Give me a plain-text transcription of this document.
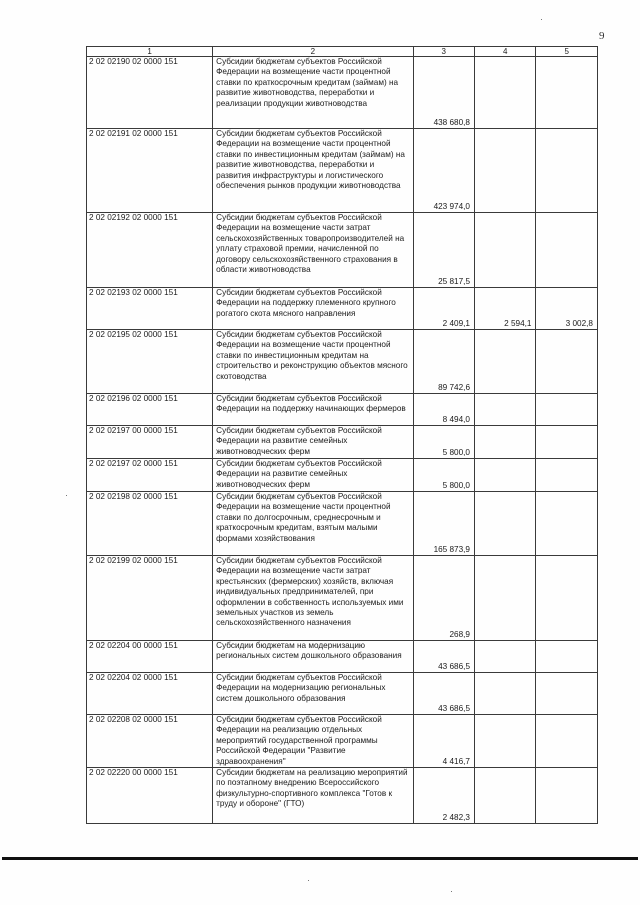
9
1	2	3	4	5
2 02 02190 02 0000 151	Субсидии бюджетам субъектов Российской Федерации на возмещение части процентной ставки по краткосрочным кредитам (займам) на развитие животноводства, переработки и реализации продукции животноводства	438 680,8		
2 02 02191 02 0000 151	Субсидии бюджетам субъектов Российской Федерации на возмещение части процентной ставки по инвестиционным кредитам (займам) на развитие животноводства, переработки и развития инфраструктуры и логистического обеспечения рынков продукции животноводства	423 974,0		
2 02 02192 02 0000 151	Субсидии бюджетам субъектов Российской Федерации на возмещение части затрат сельскохозяйственных товаропроизводителей на уплату страховой премии, начисленной по договору сельскохозяйственного страхования в области животноводства	25 817,5		
2 02 02193 02 0000 151	Субсидии бюджетам субъектов Российской Федерации на поддержку племенного крупного рогатого скота мясного направления	2 409,1	2 594,1	3 002,8
2 02 02195 02 0000 151	Субсидии бюджетам субъектов Российской Федерации на возмещение части процентной ставки по инвестиционным кредитам на строительство и реконструкцию объектов мясного скотоводства	89 742,6		
2 02 02196 02 0000 151	Субсидии бюджетам субъектов Российской Федерации на поддержку начинающих фермеров	8 494,0		
2 02 02197 00 0000 151	Субсидии бюджетам субъектов Российской Федерации на развитие семейных животноводческих ферм	5 800,0		
2 02 02197 02 0000 151	Субсидии бюджетам субъектов Российской Федерации на развитие семейных животноводческих ферм	5 800,0		
2 02 02198 02 0000 151	Субсидии бюджетам субъектов Российской Федерации на возмещение части процентной ставки по долгосрочным, среднесрочным и краткосрочным кредитам, взятым малыми формами хозяйствования	165 873,9		
2 02 02199 02 0000 151	Субсидии бюджетам субъектов Российской Федерации на возмещение части затрат крестьянских (фермерских) хозяйств, включая индивидуальных предпринимателей, при оформлении в собственность используемых ими земельных участков из земель сельскохозяйственного назначения	268,9		
2 02 02204 00 0000 151	Субсидии бюджетам на модернизацию региональных систем дошкольного образования	43 686,5		
2 02 02204 02 0000 151	Субсидии бюджетам субъектов Российской Федерации на модернизацию региональных систем дошкольного образования	43 686,5		
2 02 02208 02 0000 151	Субсидии бюджетам субъектов Российской Федерации на реализацию отдельных мероприятий государственной программы Российской Федерации "Развитие здравоохранения"	4 416,7		
2 02 02220 00 0000 151	Субсидии бюджетам на реализацию мероприятий по поэтапному внедрению Всероссийского физкультурно-спортивного комплекса "Готов к труду и обороне" (ГТО)	2 482,3		
